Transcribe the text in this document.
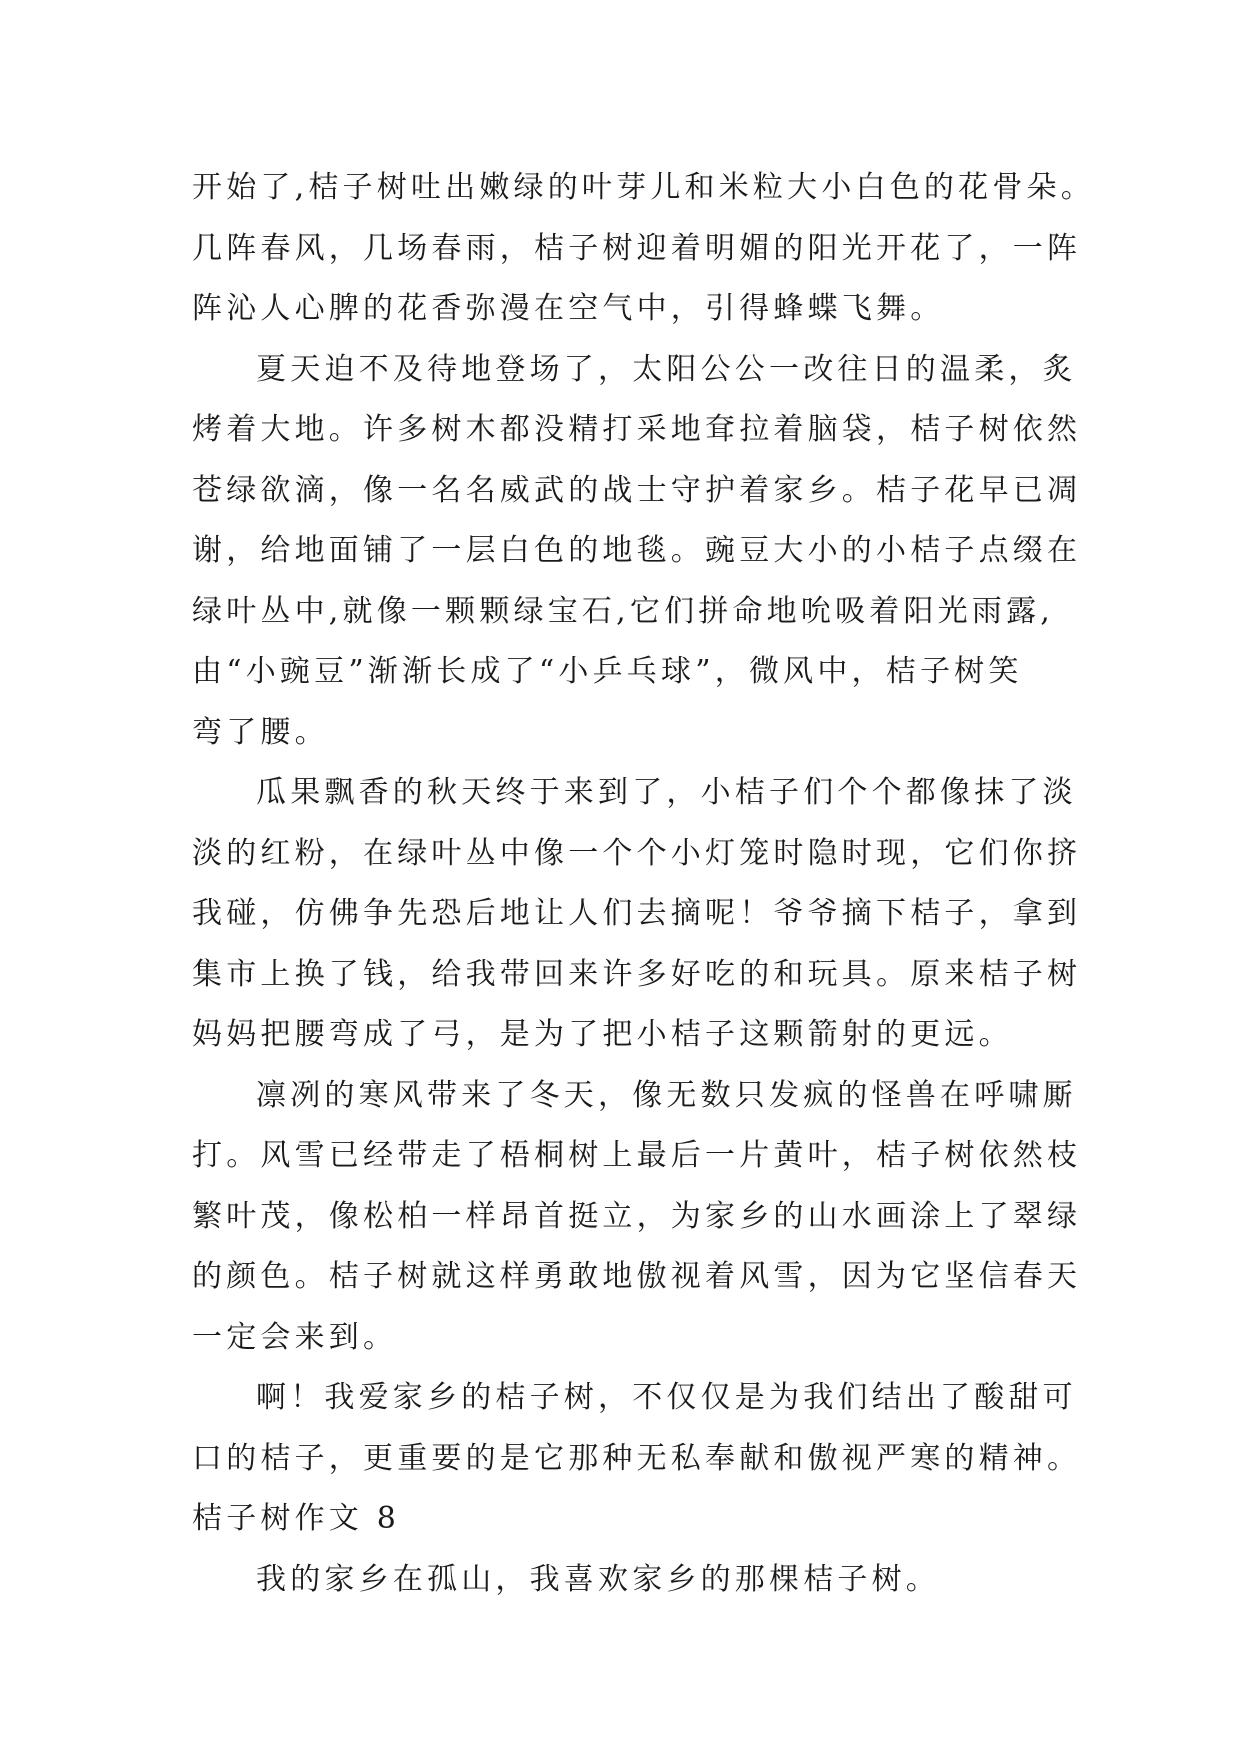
开始了,桔子树吐出嫩绿的叶芽儿和米粒大小白色的花骨朵。
几阵春风，几场春雨，桔子树迎着明媚的阳光开花了，一阵
阵沁人心脾的花香弥漫在空气中，引得蜂蝶飞舞。
夏天迫不及待地登场了，太阳公公一改往日的温柔，炙
烤着大地。许多树木都没精打采地耷拉着脑袋，桔子树依然
苍绿欲滴，像一名名威武的战士守护着家乡。桔子花早已凋
谢，给地面铺了一层白色的地毯。豌豆大小的小桔子点缀在
绿叶丛中,就像一颗颗绿宝石,它们拼命地吮吸着阳光雨露,
由“小豌豆”渐渐长成了“小乒乓球”，微风中，桔子树笑
弯了腰。
瓜果飘香的秋天终于来到了，小桔子们个个都像抹了淡
淡的红粉，在绿叶丛中像一个个小灯笼时隐时现，它们你挤
我碰，仿佛争先恐后地让人们去摘呢！爷爷摘下桔子，拿到
集市上换了钱，给我带回来许多好吃的和玩具。原来桔子树
妈妈把腰弯成了弓，是为了把小桔子这颗箭射的更远。
凛冽的寒风带来了冬天，像无数只发疯的怪兽在呼啸厮
打。风雪已经带走了梧桐树上最后一片黄叶，桔子树依然枝
繁叶茂，像松柏一样昂首挺立，为家乡的山水画涂上了翠绿
的颜色。桔子树就这样勇敢地傲视着风雪，因为它坚信春天
一定会来到。
啊！我爱家乡的桔子树，不仅仅是为我们结出了酸甜可
口的桔子，更重要的是它那种无私奉献和傲视严寒的精神。
桔子树作文 8
我的家乡在孤山，我喜欢家乡的那棵桔子树。
